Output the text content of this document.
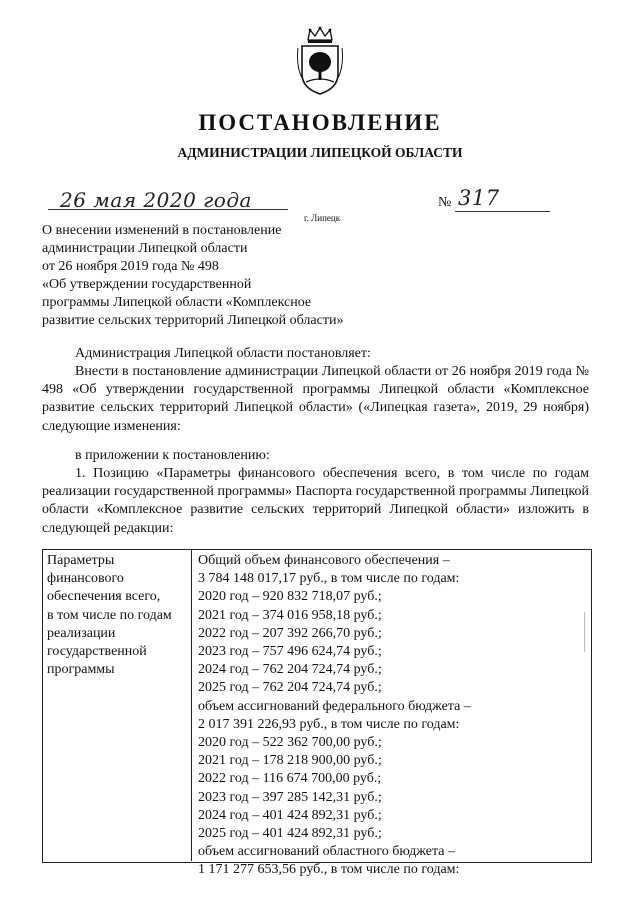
ПОСТАНОВЛЕНИЕ
АДМИНИСТРАЦИИ ЛИПЕЦКОЙ ОБЛАСТИ
26 мая 2020 года
г. Липецк
№ 317
О внесении изменений в постановление
администрации Липецкой области
от 26 ноября 2019 года № 498
«Об утверждении государственной
программы Липецкой области «Комплексное
развитие сельских территорий Липецкой области»
Администрация Липецкой области постановляет:
Внести в постановление администрации Липецкой области от 26 ноября 2019 года № 498 «Об утверждении государственной программы Липецкой области «Комплексное развитие сельских территорий Липецкой области» («Липецкая газета», 2019, 29 ноября) следующие изменения:
в приложении к постановлению:
1. Позицию «Параметры финансового обеспечения всего, в том числе по годам реализации государственной программы» Паспорта государственной программы Липецкой области «Комплексное развитие сельских территорий Липецкой области» изложить в следующей редакции:
Параметры
финансового
обеспечения всего,
в том числе по годам
реализации
государственной
программы
Общий объем финансового обеспечения –
3 784 148 017,17 руб., в том числе по годам:
2020 год – 920 832 718,07 руб.;
2021 год – 374 016 958,18 руб.;
2022 год – 207 392 266,70 руб.;
2023 год – 757 496 624,74 руб.;
2024 год – 762 204 724,74 руб.;
2025 год – 762 204 724,74 руб.;
объем ассигнований федерального бюджета –
2 017 391 226,93 руб., в том числе по годам:
2020 год – 522 362 700,00 руб.;
2021 год – 178 218 900,00 руб.;
2022 год – 116 674 700,00 руб.;
2023 год – 397 285 142,31 руб.;
2024 год – 401 424 892,31 руб.;
2025 год – 401 424 892,31 руб.;
объем ассигнований областного бюджета –
1 171 277 653,56 руб., в том числе по годам:
